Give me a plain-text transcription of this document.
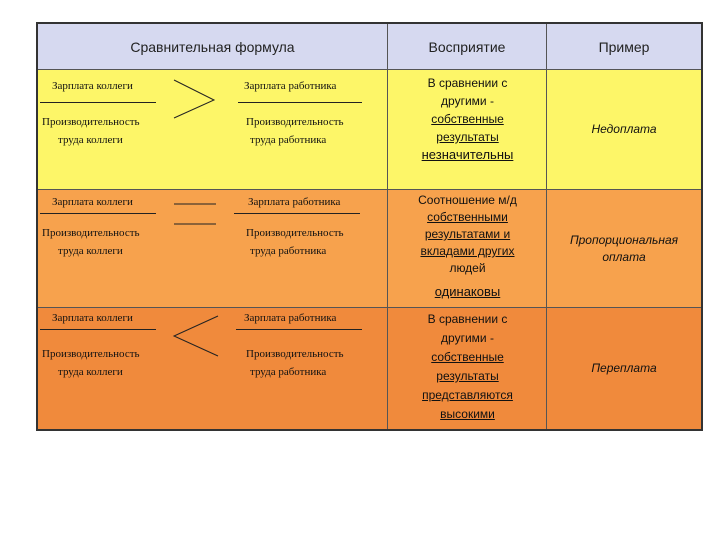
Сравнительная формула	Восприятие	Пример
Зарплата коллеги
Производительность
труда коллеги
Зарплата работника
Производительность
труда работника
В сравнении с
другими -
собственные
результаты
незначительны
Недоплата
Зарплата коллеги
Производительность
труда коллеги
Зарплата работника
Производительность
труда работника
Соотношение м/д
собственными
результатами и
вкладами других
людей
одинаковы
Пропорциональная оплата
Зарплата коллеги
Производительность
труда коллеги
Зарплата работника
Производительность
труда работника
В сравнении с
другими -
собственные
результаты
представляются
высокими
Переплата
